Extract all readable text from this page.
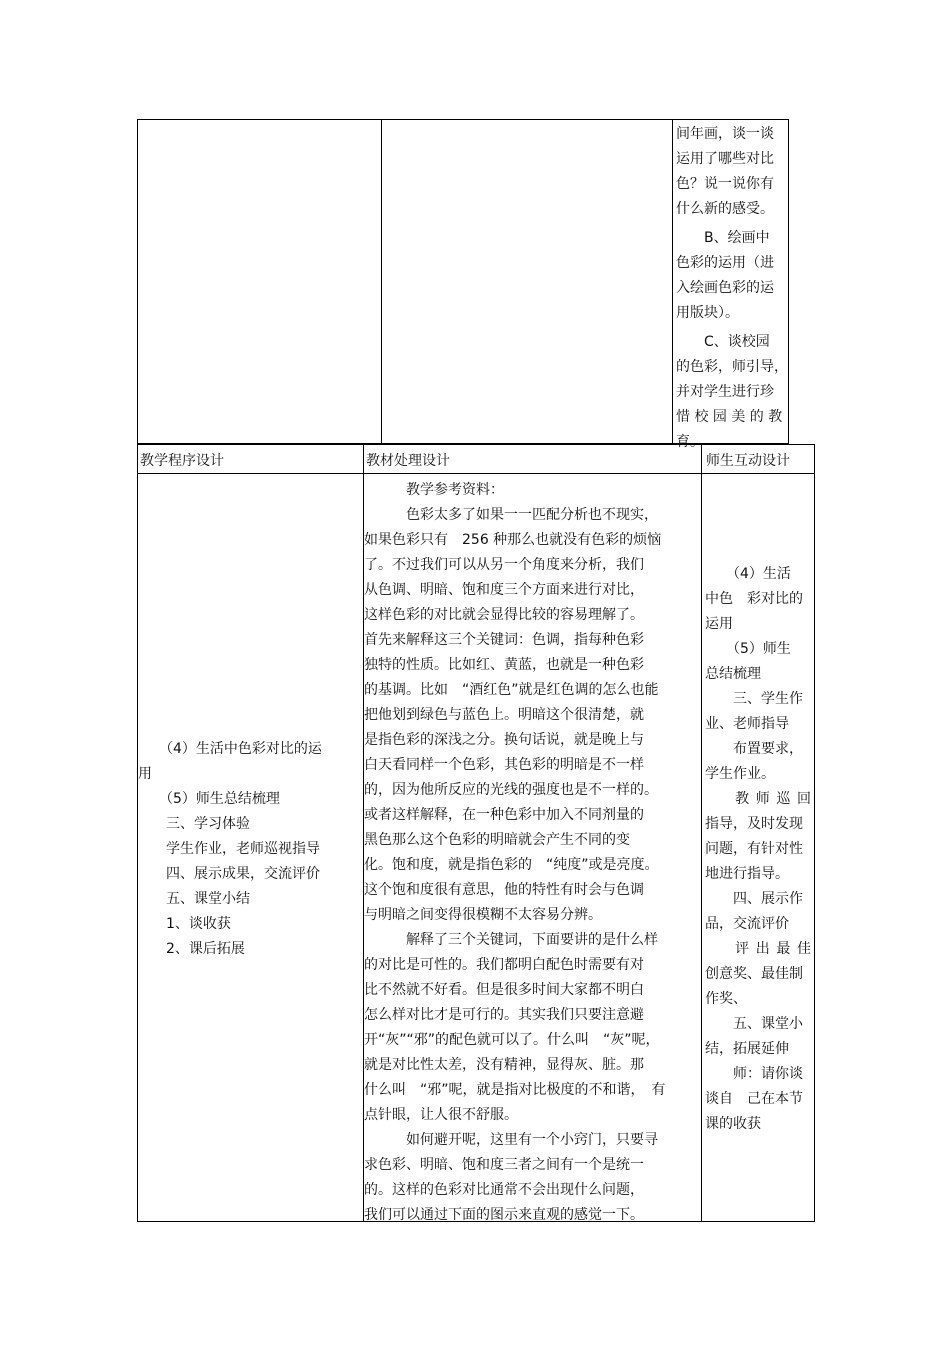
间年画，谈一谈

运用了哪些对比

色？说一说你有

什么新的感受。

　　B、绘画中

色彩的运用（进

入绘画色彩的运

用版块）。

　　C、谈校园

的色彩，师引导，

并对学生进行珍

惜 校 园 美 的 教

育。

教学程序设计	教材处理设计	师生互动设计

　　（4）生活中色彩对比的运

用

　　（5）师生总结梳理

　　三、学习体验

　　学生作业，老师巡视指导

　　四、展示成果，交流评价

　　五、课堂小结

　　1、谈收获

　　2、课后拓展

　　　教学参考资料：

　　　色彩太多了如果一一匹配分析也不现实，

如果色彩只有　256 种那么也就没有色彩的烦恼

了。不过我们可以从另一个角度来分析，我们

从色调、明暗、饱和度三个方面来进行对比，

这样色彩的对比就会显得比较的容易理解了。

首先来解释这三个关键词：色调，指每种色彩

独特的性质。比如红、黄蓝，也就是一种色彩

的基调。比如　“酒红色”就是红色调的怎么也能

把他划到绿色与蓝色上。明暗这个很清楚，就

是指色彩的深浅之分。换句话说，就是晚上与

白天看同样一个色彩，其色彩的明暗是不一样

的，因为他所反应的光线的强度也是不一样的。

或者这样解释，在一种色彩中加入不同剂量的

黑色那么这个色彩的明暗就会产生不同的变

化。饱和度，就是指色彩的　“纯度”或是亮度。

这个饱和度很有意思，他的特性有时会与色调

与明暗之间变得很模糊不太容易分辨。

　　　解释了三个关键词，下面要讲的是什么样

的对比是可性的。我们都明白配色时需要有对

比不然就不好看。但是很多时间大家都不明白

怎么样对比才是可行的。其实我们只要注意避

开“灰”“邪”的配色就可以了。什么叫　“灰”呢，

就是对比性太差，没有精神，显得灰、脏。那

什么叫　“邪”呢，就是指对比极度的不和谐，　有

点针眼，让人很不舒服。

　　　如何避开呢，这里有一个小窍门，只要寻

求色彩、明暗、饱和度三者之间有一个是统一

的。这样的色彩对比通常不会出现什么问题，

我们可以通过下面的图示来直观的感觉一下。

　　（4）生活

中色　彩对比的

运用

　　（5）师生

总结梳理

　　三、学生作

业、老师指导

　　布置要求，

学生作业。

　　教 师 巡 回

指导，及时发现

问题，有针对性

地进行指导。

　　四、展示作

品，交流评价

　　评 出 最 佳

创意奖、最佳制

作奖、

　　五、课堂小

结，拓展延伸

　　师：请你谈

谈自　己在本节

课的收获
